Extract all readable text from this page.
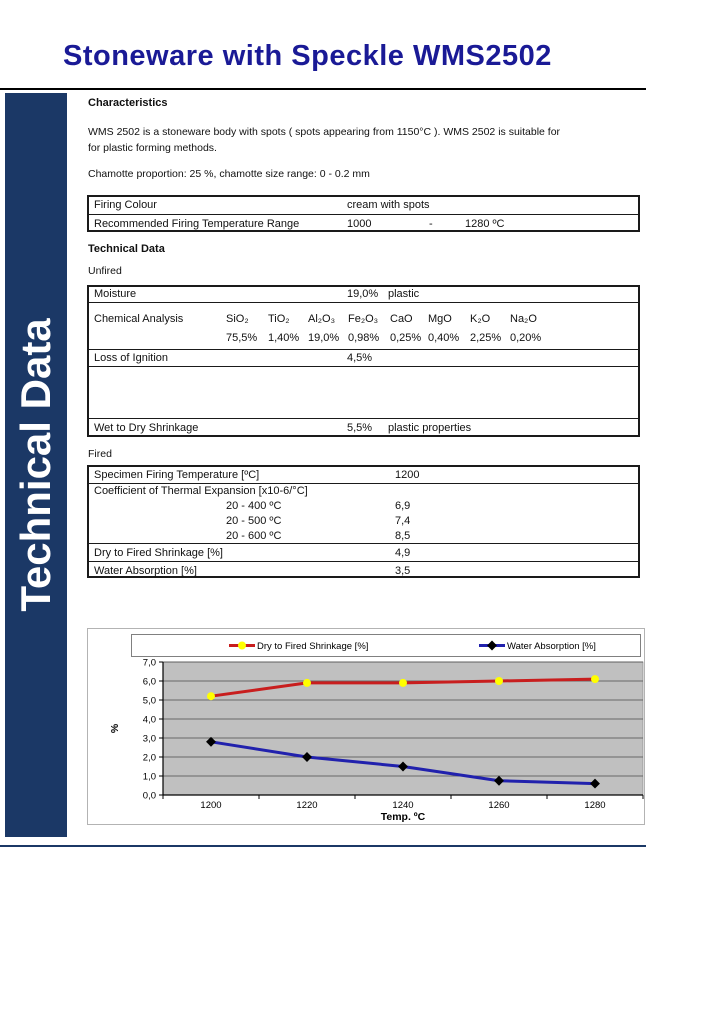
Stoneware with Speckle WMS2502
Technical Data
Characteristics
WMS 2502 is a stoneware body with spots ( spots appearing from 1150°C ). WMS 2502 is suitable for
for plastic forming methods.
Chamotte proportion: 25 %, chamotte size range: 0 - 0.2 mm
Firing Colour	cream with spots
Recommended Firing Temperature Range	1000	-	1280 ºC
Technical Data
Unfired
Moisture	19,0% plastic
Chemical Analysis	SiO₂ TiO₂ Al₂O₃ Fe₂O₃ CaO MgO K₂O Na₂O
75,5% 1,40% 19,0% 0,98% 0,25% 0,40% 2,25% 0,20%
Loss of Ignition	4,5%
Wet to Dry Shrinkage	5,5% plastic properties
Fired
Specimen Firing Temperature [ºC]	1200
Coefficient of Thermal Expansion [x10-6/°C]
20 - 400 ºC	6,9
20 - 500 ºC	7,4
20 - 600 ºC	8,5
Dry to Fired Shrinkage [%]	4,9
Water Absorption [%]	3,5
0,0
1,0
2,0
3,0
4,0
5,0
6,0
7,0
1200	1220	1240	1260	1280
Temp. ºC
%
Dry to Fired Shrinkage [%]	Water Absorption [%]
